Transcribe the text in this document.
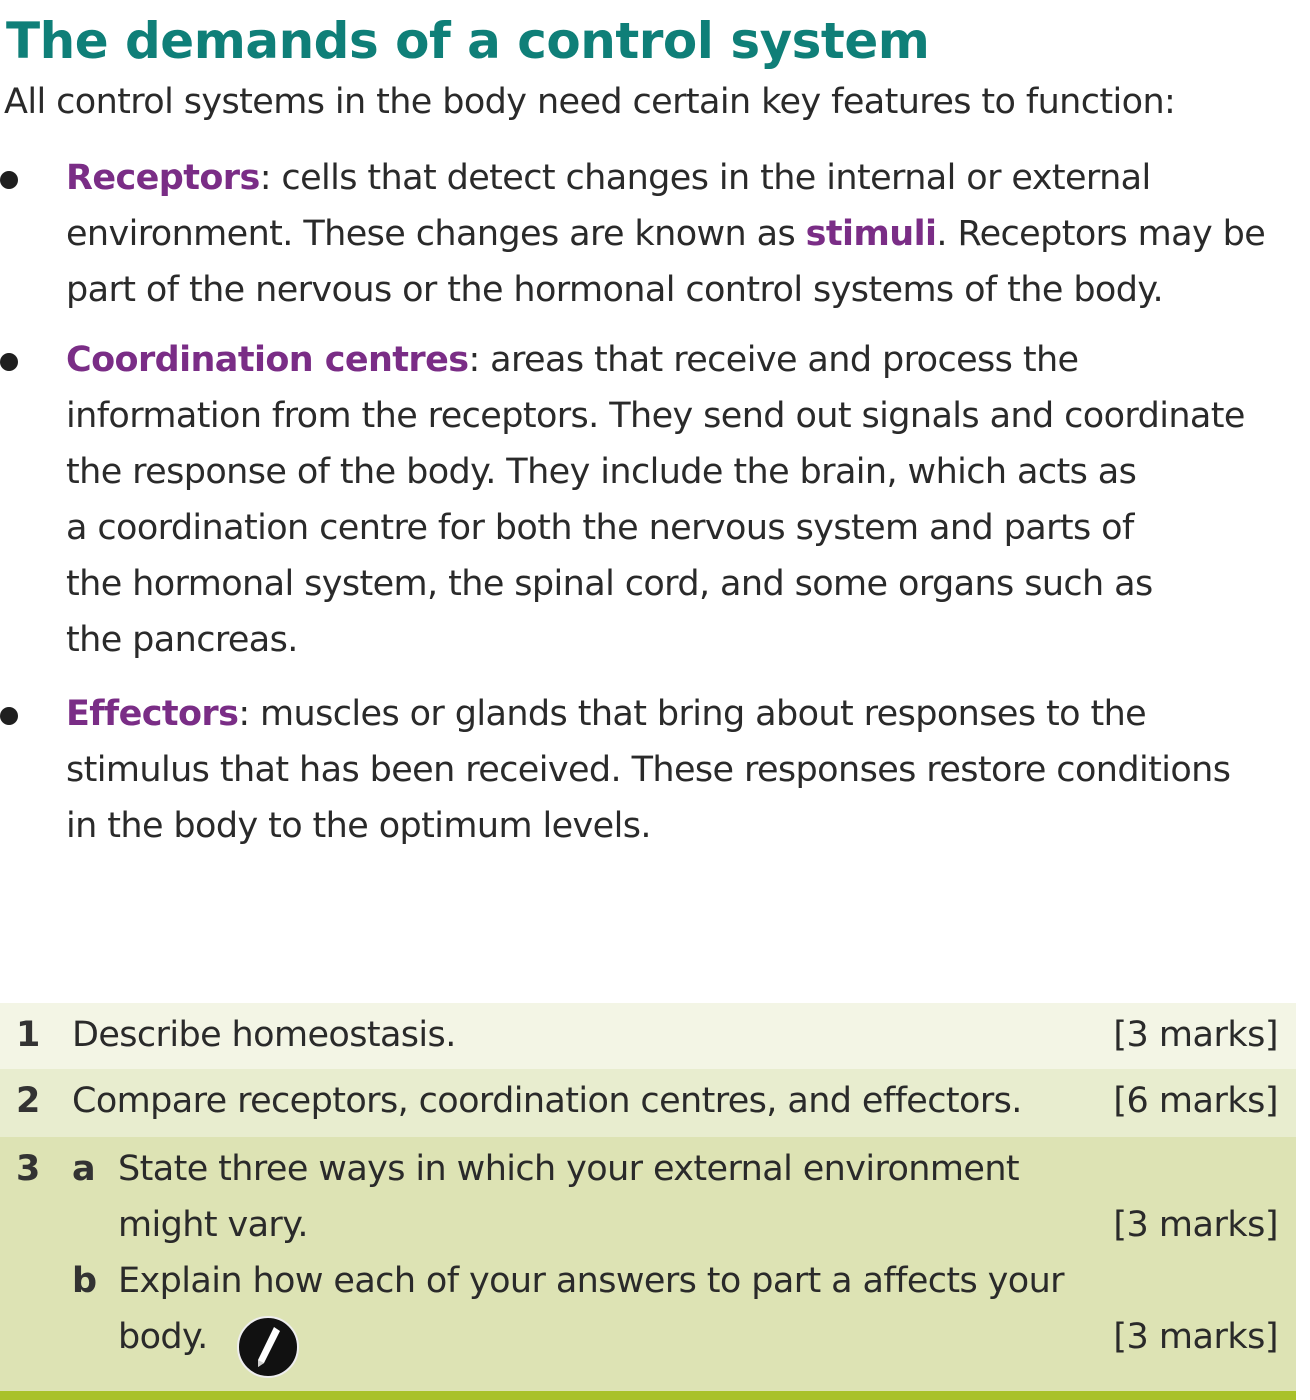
The demands of a control system
All control systems in the body need certain key features to function:
Receptors: cells that detect changes in the internal or external
environment. These changes are known as stimuli. Receptors may be
part of the nervous or the hormonal control systems of the body.
Coordination centres: areas that receive and process the
information from the receptors. They send out signals and coordinate
the response of the body. They include the brain, which acts as
a coordination centre for both the nervous system and parts of
the hormonal system, the spinal cord, and some organs such as
the pancreas.
Effectors: muscles or glands that bring about responses to the
stimulus that has been received. These responses restore conditions
in the body to the optimum levels.
1 Describe homeostasis.	[3 marks]
2 Compare receptors, coordination centres, and effectors.	[6 marks]
3 a State three ways in which your external environment
might vary.	[3 marks]
b Explain how each of your answers to part a affects your
body.	[3 marks]
